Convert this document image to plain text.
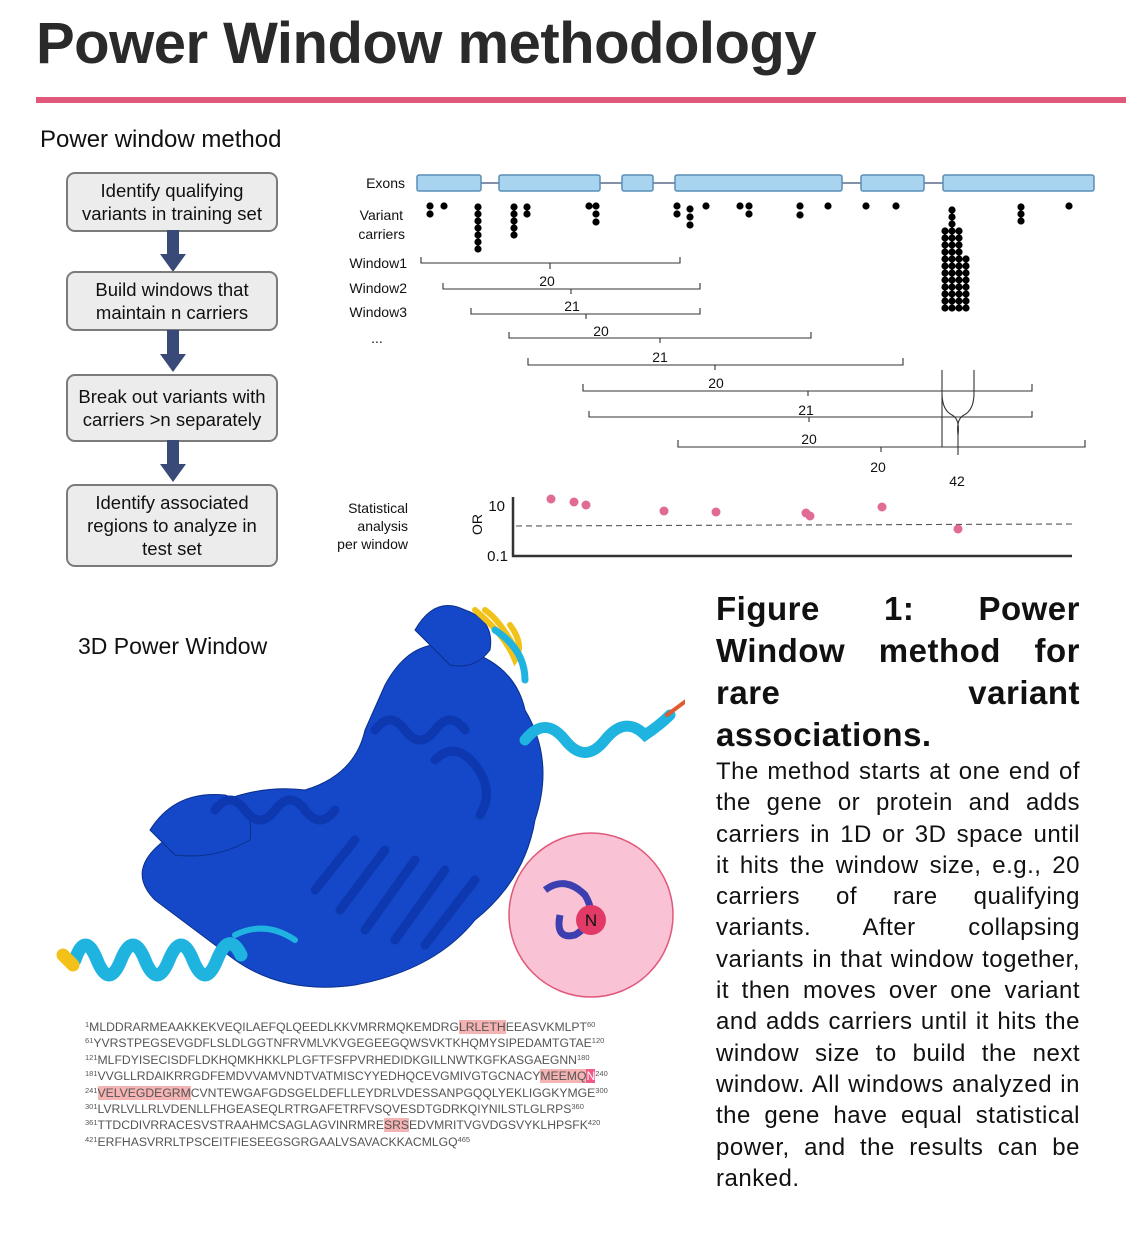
Power Window methodology
Power window method
Identify qualifying variants in training set
Build windows that maintain n carriers
Break out variants with carriers >n separately
Identify associated regions to analyze in test set
Exons
Variant
carriers
Window1
Window2
Window3
...
Statistical
analysis
per window
20
21
20
21
20
21
20
20
42
10
0.1
OR
3D Power Window
N
$^1$MLDDRARMEAAKKEKVEQILAEFQLQEEDLKKVMRRMQKEMDRGLRLETHEEASVKMLPT$^{60}$
$^{61}$YVRSTPEGSEVGDFLSLDLGGTNFRVMLVKVGEGEEGQWSVKTKHQMYSIPEDAMTGTAE$^{120}$
$^{121}$MLFDYISECISDFLDKHQMKHKKLPLGFTFSFPVRHEDIDKGILLNWTKGFKASGAEGNN$^{180}$
$^{181}$VVGLLRDAIKRRGDFEMDVVAMVNDTVATMISCYYEDHQCEVGMIVGTGCNACYMEEMQN$^{240}$
$^{241}$VELVEGDEGRMCVNTEWGAFGDSGELDEFLLEYDRLVDESSANPGQQLYEKLIGGKYMGE$^{300}$
$^{301}$LVRLVLLRLVDENLLFHGEASEQLRTRGAFETRFVSQVESDTGDRKQIYNILSTLGLRPS$^{360}$
$^{361}$TTDCDIVRRACESVSTRAAHMCSAGLAGVINRMRESRSEDVMRITVGVDGSVYKLHPSFK$^{420}$
$^{421}$ERFHASVRRLTPSCEITFIESEEGSGRGAALVSAVACKKACMLGQ$^{465}$

Figure 1: Power Window method for rare variant associations.

The method starts at one end of the gene or protein and adds carriers in 1D or 3D space until it hits the window size, e.g., 20 carriers of rare qualifying variants. After collapsing variants in that window together, it then moves over one variant and adds carriers until it hits the window size to build the next window. All windows analyzed in the gene have equal statistical power, and the results can be ranked.
